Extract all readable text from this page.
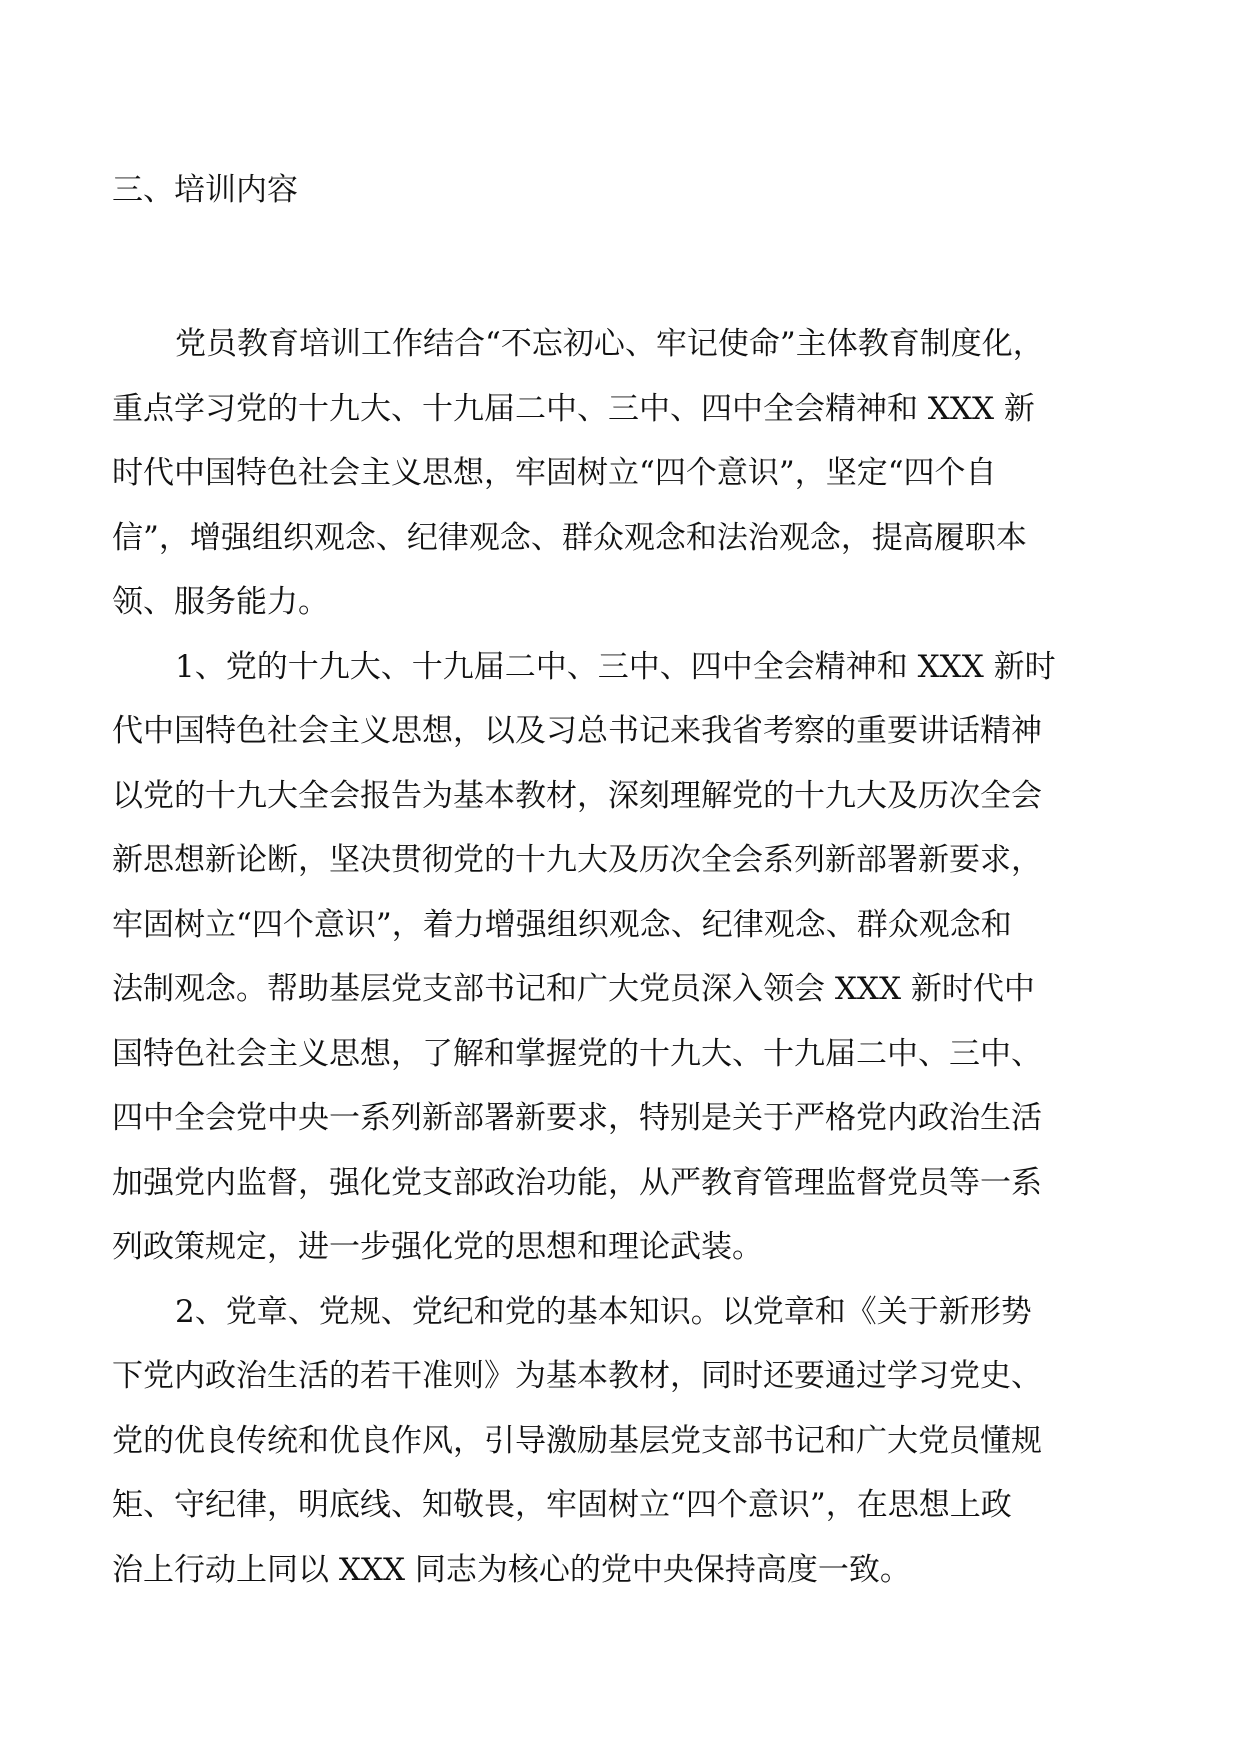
三、培训内容
党员教育培训工作结合“不忘初心、牢记使命”主体教育制度化，
重点学习党的十九大、十九届二中、三中、四中全会精神和 XXX 新
时代中国特色社会主义思想，牢固树立“四个意识”，坚定“四个自
信”，增强组织观念、纪律观念、群众观念和法治观念，提高履职本
领、服务能力。
1、党的十九大、十九届二中、三中、四中全会精神和 XXX 新时
代中国特色社会主义思想，以及习总书记来我省考察的重要讲话精神
以党的十九大全会报告为基本教材，深刻理解党的十九大及历次全会
新思想新论断，坚决贯彻党的十九大及历次全会系列新部署新要求，
牢固树立“四个意识”，着力增强组织观念、纪律观念、群众观念和
法制观念。帮助基层党支部书记和广大党员深入领会 XXX 新时代中
国特色社会主义思想，了解和掌握党的十九大、十九届二中、三中、
四中全会党中央一系列新部署新要求，特别是关于严格党内政治生活
加强党内监督，强化党支部政治功能，从严教育管理监督党员等一系
列政策规定，进一步强化党的思想和理论武装。
2、党章、党规、党纪和党的基本知识。以党章和《关于新形势
下党内政治生活的若干准则》为基本教材，同时还要通过学习党史、
党的优良传统和优良作风，引导激励基层党支部书记和广大党员懂规
矩、守纪律，明底线、知敬畏，牢固树立“四个意识”，在思想上政
治上行动上同以 XXX 同志为核心的党中央保持高度一致。
